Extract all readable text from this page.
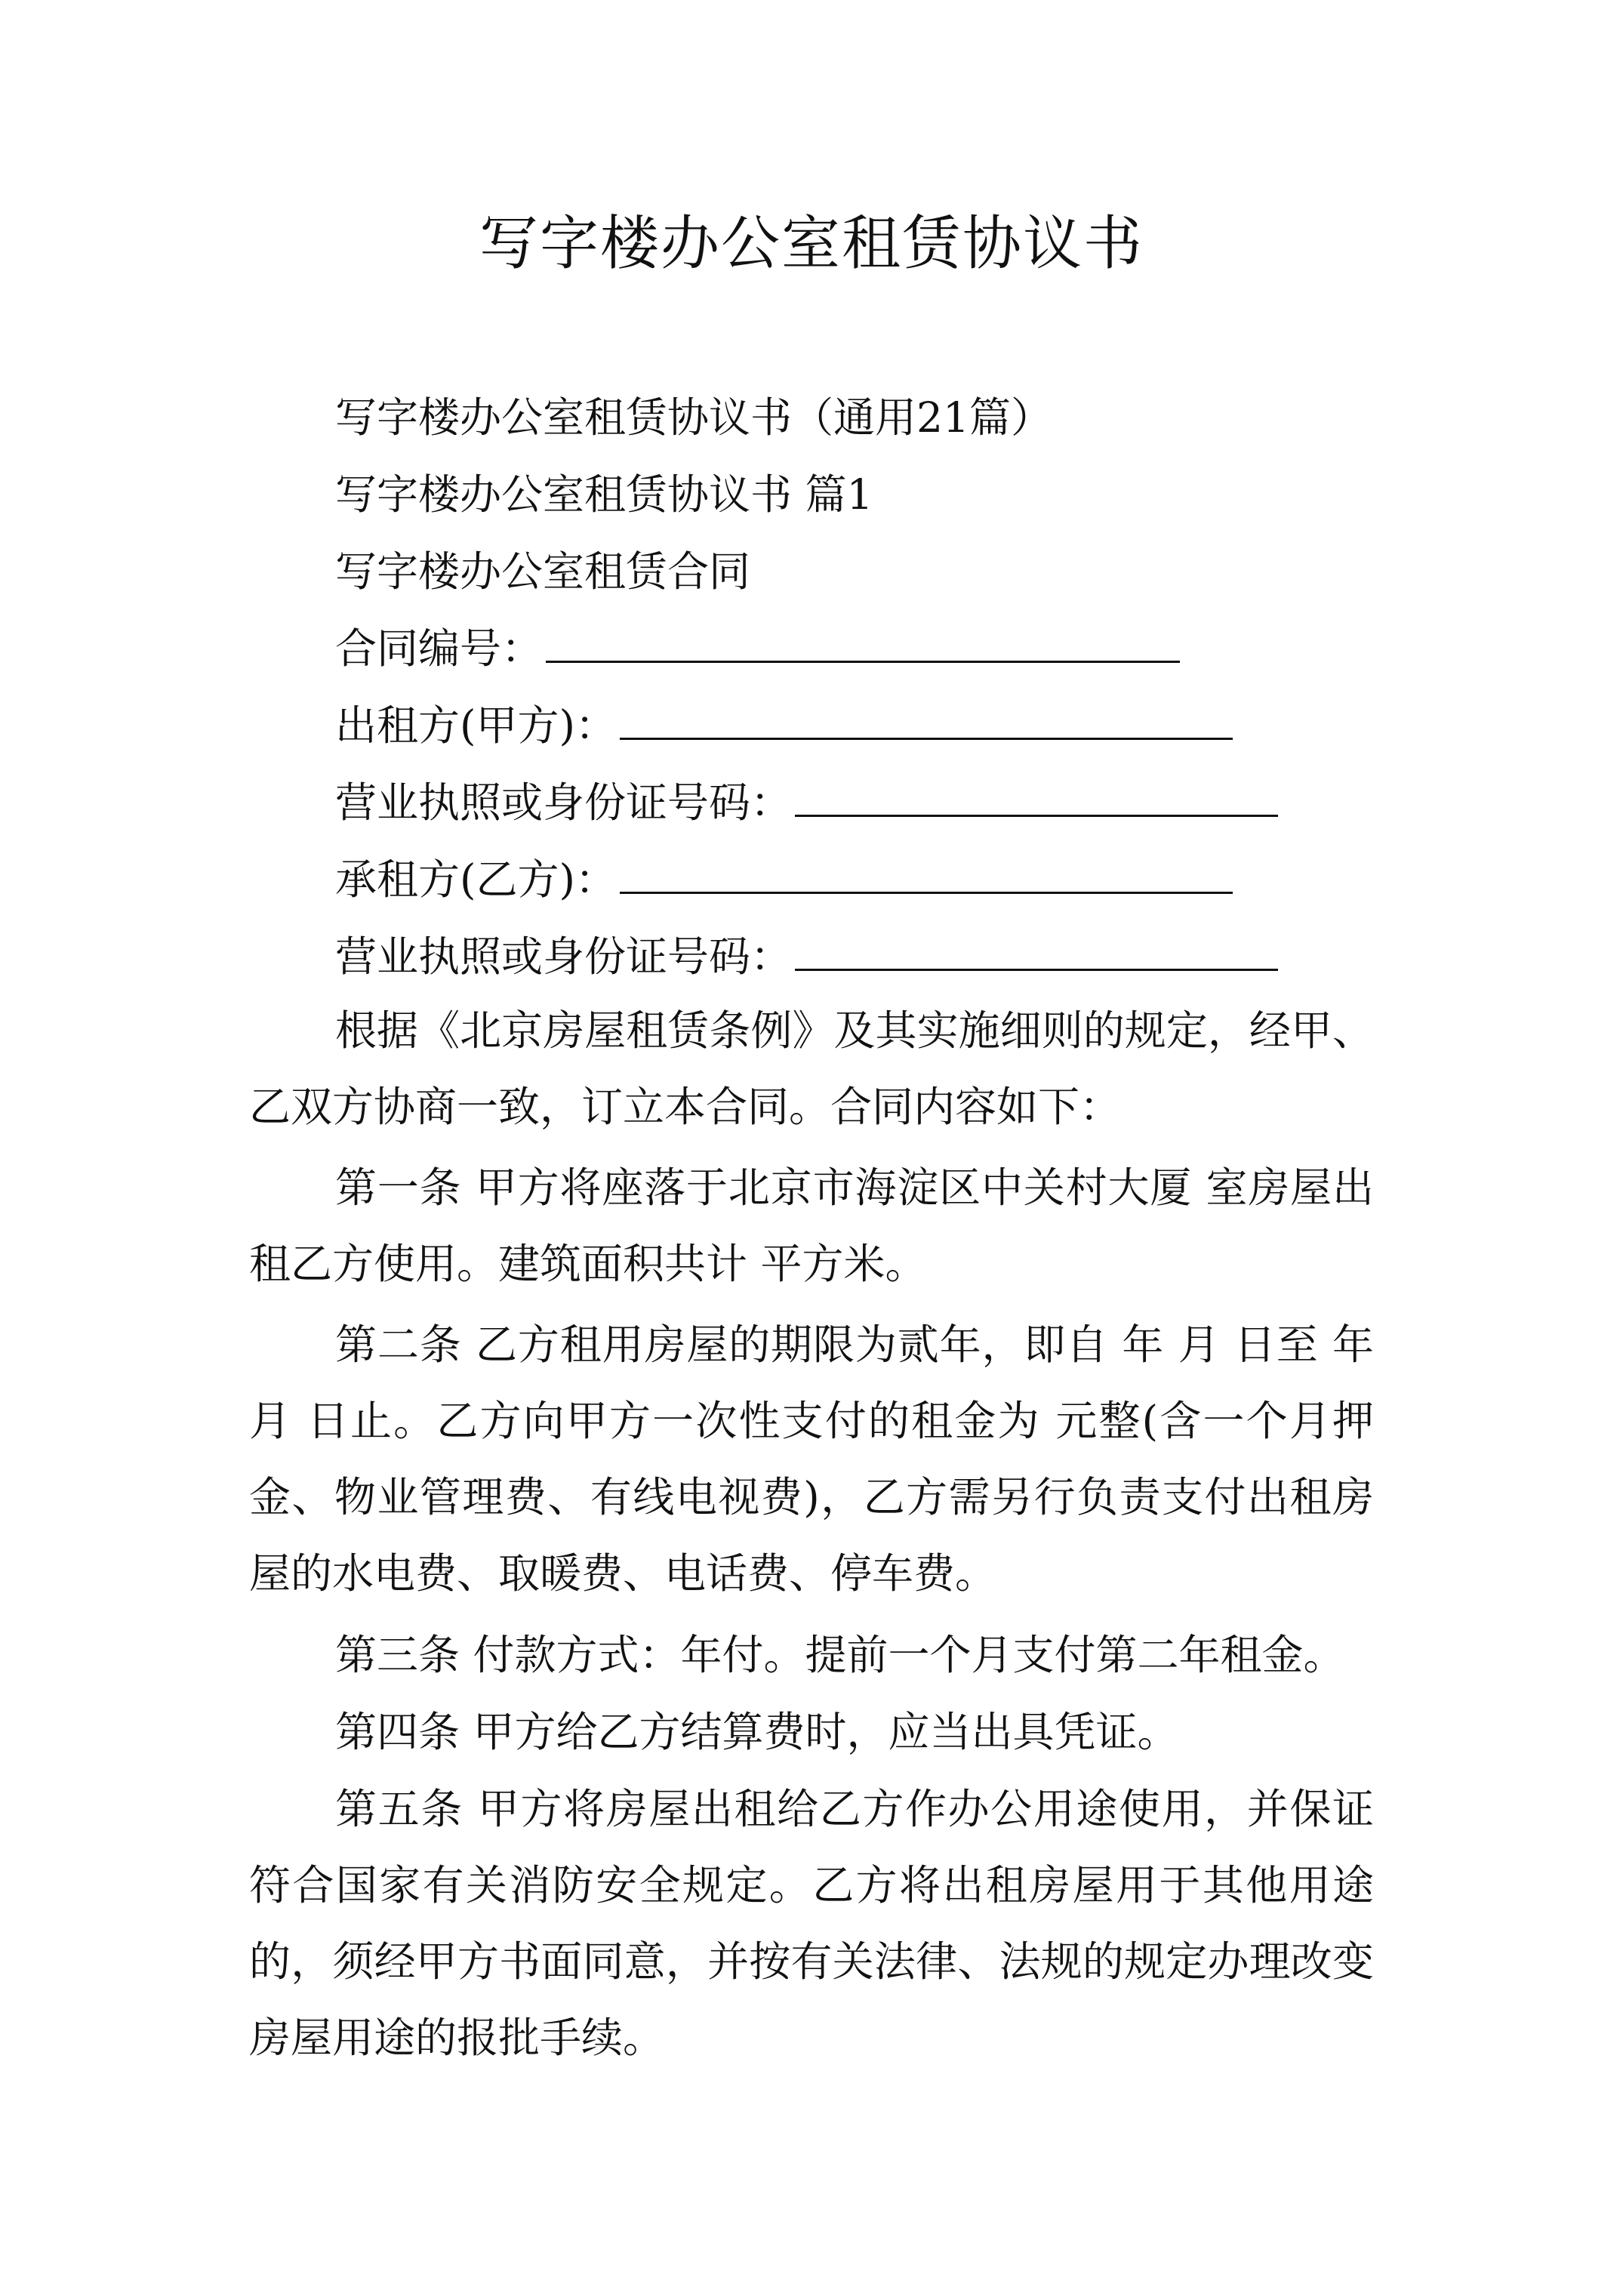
写字楼办公室租赁协议书
写字楼办公室租赁协议书（通用21篇）
写字楼办公室租赁协议书 篇1
写字楼办公室租赁合同
合同编号：
出租方(甲方)：
营业执照或身份证号码：
承租方(乙方)：
营业执照或身份证号码：
根据《北京房屋租赁条例》及其实施细则的规定，经甲、乙双方协商一致，订立本合同。合同内容如下：
第一条 甲方将座落于北京市海淀区中关村大厦 室房屋出租乙方使用。建筑面积共计 平方米。
第二条 乙方租用房屋的期限为贰年，即自 年 月 日至 年 月 日止。乙方向甲方一次性支付的租金为 元整(含一个月押金、物业管理费、有线电视费)，乙方需另行负责支付出租房屋的水电费、取暖费、电话费、停车费。
第三条 付款方式：年付。提前一个月支付第二年租金。
第四条 甲方给乙方结算费时，应当出具凭证。
第五条 甲方将房屋出租给乙方作办公用途使用，并保证符合国家有关消防安全规定。乙方将出租房屋用于其他用途的，须经甲方书面同意，并按有关法律、法规的规定办理改变房屋用途的报批手续。
